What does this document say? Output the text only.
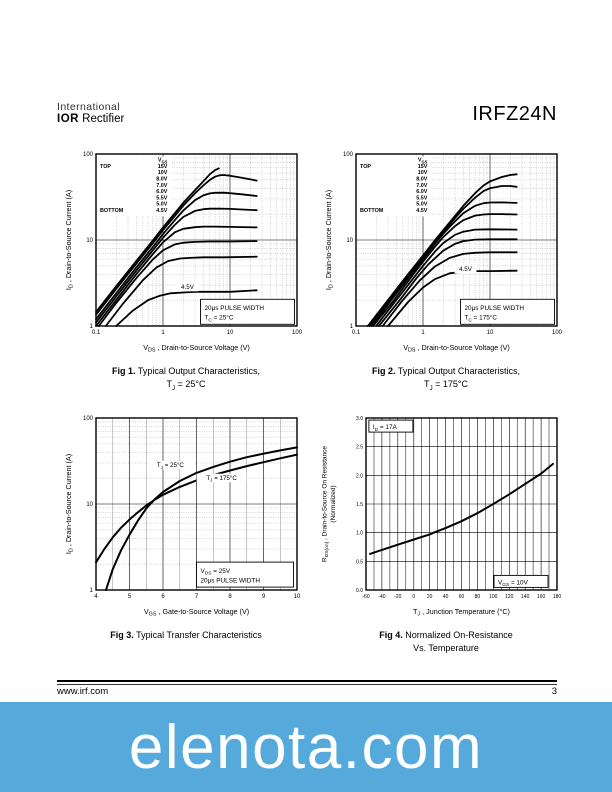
International
IOR Rectifier	IRFZ24N
0.1	1	10	100
1
10
100
$V_{GS}$
15V
10V
8.0V
7.0V
6.0V
5.5V
5.0V
4.5V
TOP
BOTTOM
20μs PULSE WIDTH
$T_C = 25^\circ C$
4.5V
$V_{DS}$ , Drain-to-Source Voltage (V)
$I_D$ , Drain-to-Source Current (A)
Fig 1. Typical Output Characteristics,
$T_J = 25^\circ C$
0.1	1	10	100
1
10
100
$V_{GS}$
15V
10V
8.0V
7.0V
6.0V
5.5V
5.0V
4.5V
TOP
BOTTOM
20μs PULSE WIDTH
$T_C = 175^\circ C$
4.5V
$V_{DS}$ , Drain-to-Source Voltage (V)
$I_D$ , Drain-to-Source Current (A)
Fig 2. Typical Output Characteristics,
$T_J = 175^\circ C$
4	5	6	7	8	9	10
1
10
100
$V_{DS} = 25V$
20μs PULSE WIDTH
$T_J = 25^\circ C$
$T_J = 175^\circ C$
$V_{GS}$ , Gate-to-Source Voltage (V)
$I_D$ , Drain-to-Source Current (A)
Fig 3. Typical Transfer Characteristics
-60 -40 -20 0 20 40 60 80 100 120 140 160 180
0.0
0.5
1.0
1.5
2.0
2.5
3.0
$I_D = 17A$
$V_{GS} = 10V$
$T_J$ , Junction Temperature (°C)
$R_{DS(on)}$ , Drain-to-Source On Resistance (Normalized)
Fig 4. Normalized On-Resistance
Vs. Temperature
www.irf.com	3
elenota.com
